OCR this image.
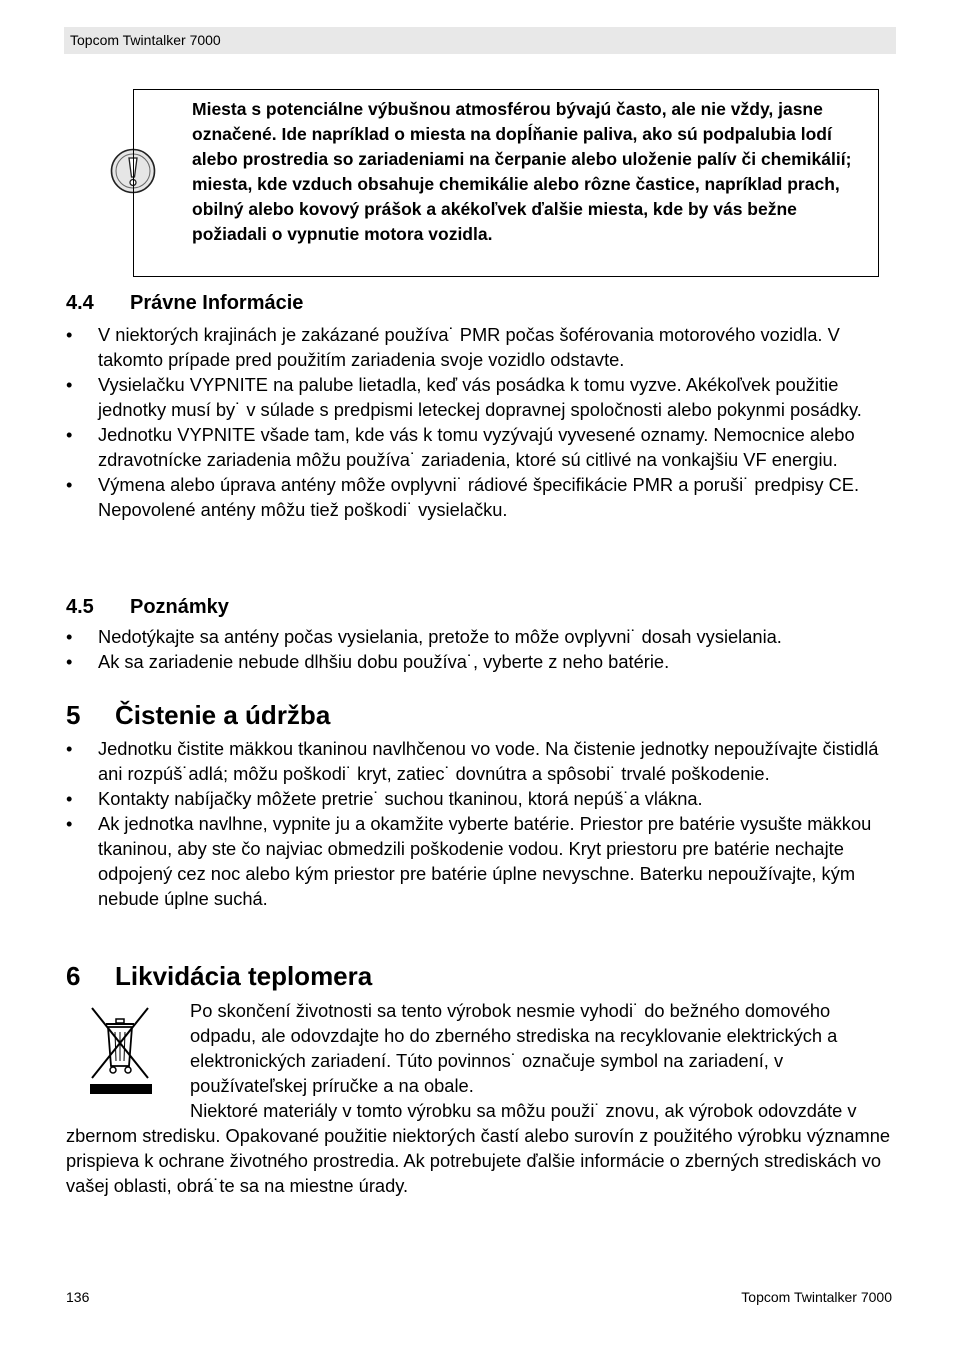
Topcom Twintalker 7000
Miesta s potenciálne výbušnou atmosférou bývajú často, ale nie vždy, jasne označené. Ide napríklad o miesta na dopĺňanie paliva, ako sú podpalubia lodí alebo prostredia so zariadeniami na čerpanie alebo uloženie palív či chemikálií; miesta, kde vzduch obsahuje chemikálie alebo rôzne častice, napríklad prach, obilný alebo kovový prášok a akékoľvek ďalšie miesta, kde by vás bežne požiadali o vypnutie motora vozidla.
4.4 Právne Informácie
• V niektorých krajinách je zakázané používa˙ PMR počas šoférovania motorového vozidla. V takomto prípade pred použitím zariadenia svoje vozidlo odstavte.
• Vysielačku VYPNITE na palube lietadla, keď vás posádka k tomu vyzve. Akékoľvek použitie jednotky musí by˙ v súlade s predpismi leteckej dopravnej spoločnosti alebo pokynmi posádky.
• Jednotku VYPNITE všade tam, kde vás k tomu vyzývajú vyvesené oznamy. Nemocnice alebo zdravotnícke zariadenia môžu používa˙ zariadenia, ktoré sú citlivé na vonkajšiu VF energiu.
• Výmena alebo úprava antény môže ovplyvni˙ rádiové špecifikácie PMR a poruši˙ predpisy CE. Nepovolené antény môžu tiež poškodi˙ vysielačku.
4.5 Poznámky
• Nedotýkajte sa antény počas vysielania, pretože to môže ovplyvni˙ dosah vysielania.
• Ak sa zariadenie nebude dlhšiu dobu používa˙, vyberte z neho batérie.
5 Čistenie a údržba
• Jednotku čistite mäkkou tkaninou navlhčenou vo vode. Na čistenie jednotky nepoužívajte čistidlá ani rozpúš˙adlá; môžu poškodi˙ kryt, zatiec˙ dovnútra a spôsobi˙ trvalé poškodenie.
• Kontakty nabíjačky môžete pretrie˙ suchou tkaninou, ktorá nepúš˙a vlákna.
• Ak jednotka navlhne, vypnite ju a okamžite vyberte batérie. Priestor pre batérie vysušte mäkkou tkaninou, aby ste čo najviac obmedzili poškodenie vodou. Kryt priestoru pre batérie nechajte odpojený cez noc alebo kým priestor pre batérie úplne nevyschne. Baterku nepoužívajte, kým nebude úplne suchá.
6 Likvidácia teplomera
Po skončení životnosti sa tento výrobok nesmie vyhodi˙ do bežného domového odpadu, ale odovzdajte ho do zberného strediska na recyklovanie elektrických a elektronických zariadení. Túto povinnos˙ označuje symbol na zariadení, v používateľskej príručke a na obale.
Niektoré materiály v tomto výrobku sa môžu použi˙ znovu, ak výrobok odovzdáte v zbernom stredisku. Opakované použitie niektorých častí alebo surovín z použitého výrobku významne prispieva k ochrane životného prostredia. Ak potrebujete ďalšie informácie o zberných strediskách vo vašej oblasti, obrá˙te sa na miestne úrady.
136	Topcom Twintalker 7000
